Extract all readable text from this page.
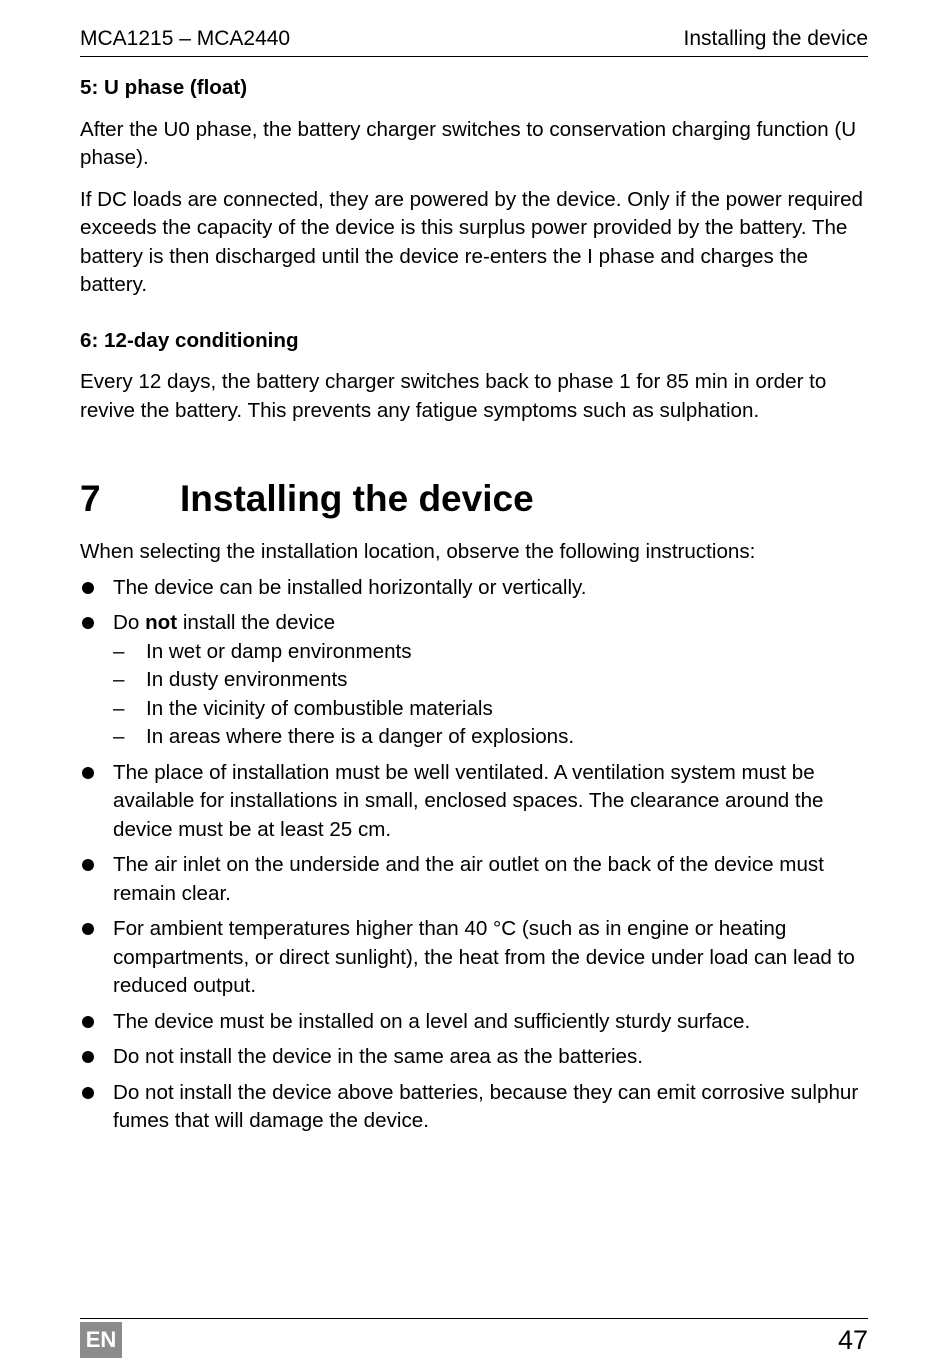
MCA1215 – MCA2440	Installing the device
5: U phase (float)

After the U0 phase, the battery charger switches to conservation charging function (U phase).

If DC loads are connected, they are powered by the device. Only if the power required exceeds the capacity of the device is this surplus power provided by the battery. The battery is then discharged until the device re-enters the I phase and charges the battery.

6: 12-day conditioning

Every 12 days, the battery charger switches back to phase 1 for 85 min in order to revive the battery. This prevents any fatigue symptoms such as sulphation.

7 Installing the device

When selecting the installation location, observe the following instructions:

The device can be installed horizontally or vertically.
Do not install the device
– In wet or damp environments
– In dusty environments
– In the vicinity of combustible materials
– In areas where there is a danger of explosions.
The place of installation must be well ventilated. A ventilation system must be available for installations in small, enclosed spaces. The clearance around the device must be at least 25 cm.
The air inlet on the underside and the air outlet on the back of the device must remain clear.
For ambient temperatures higher than 40 °C (such as in engine or heating compartments, or direct sunlight), the heat from the device under load can lead to reduced output.
The device must be installed on a level and sufficiently sturdy surface.
Do not install the device in the same area as the batteries.
Do not install the device above batteries, because they can emit corrosive sulphur fumes that will damage the device.
EN	47
